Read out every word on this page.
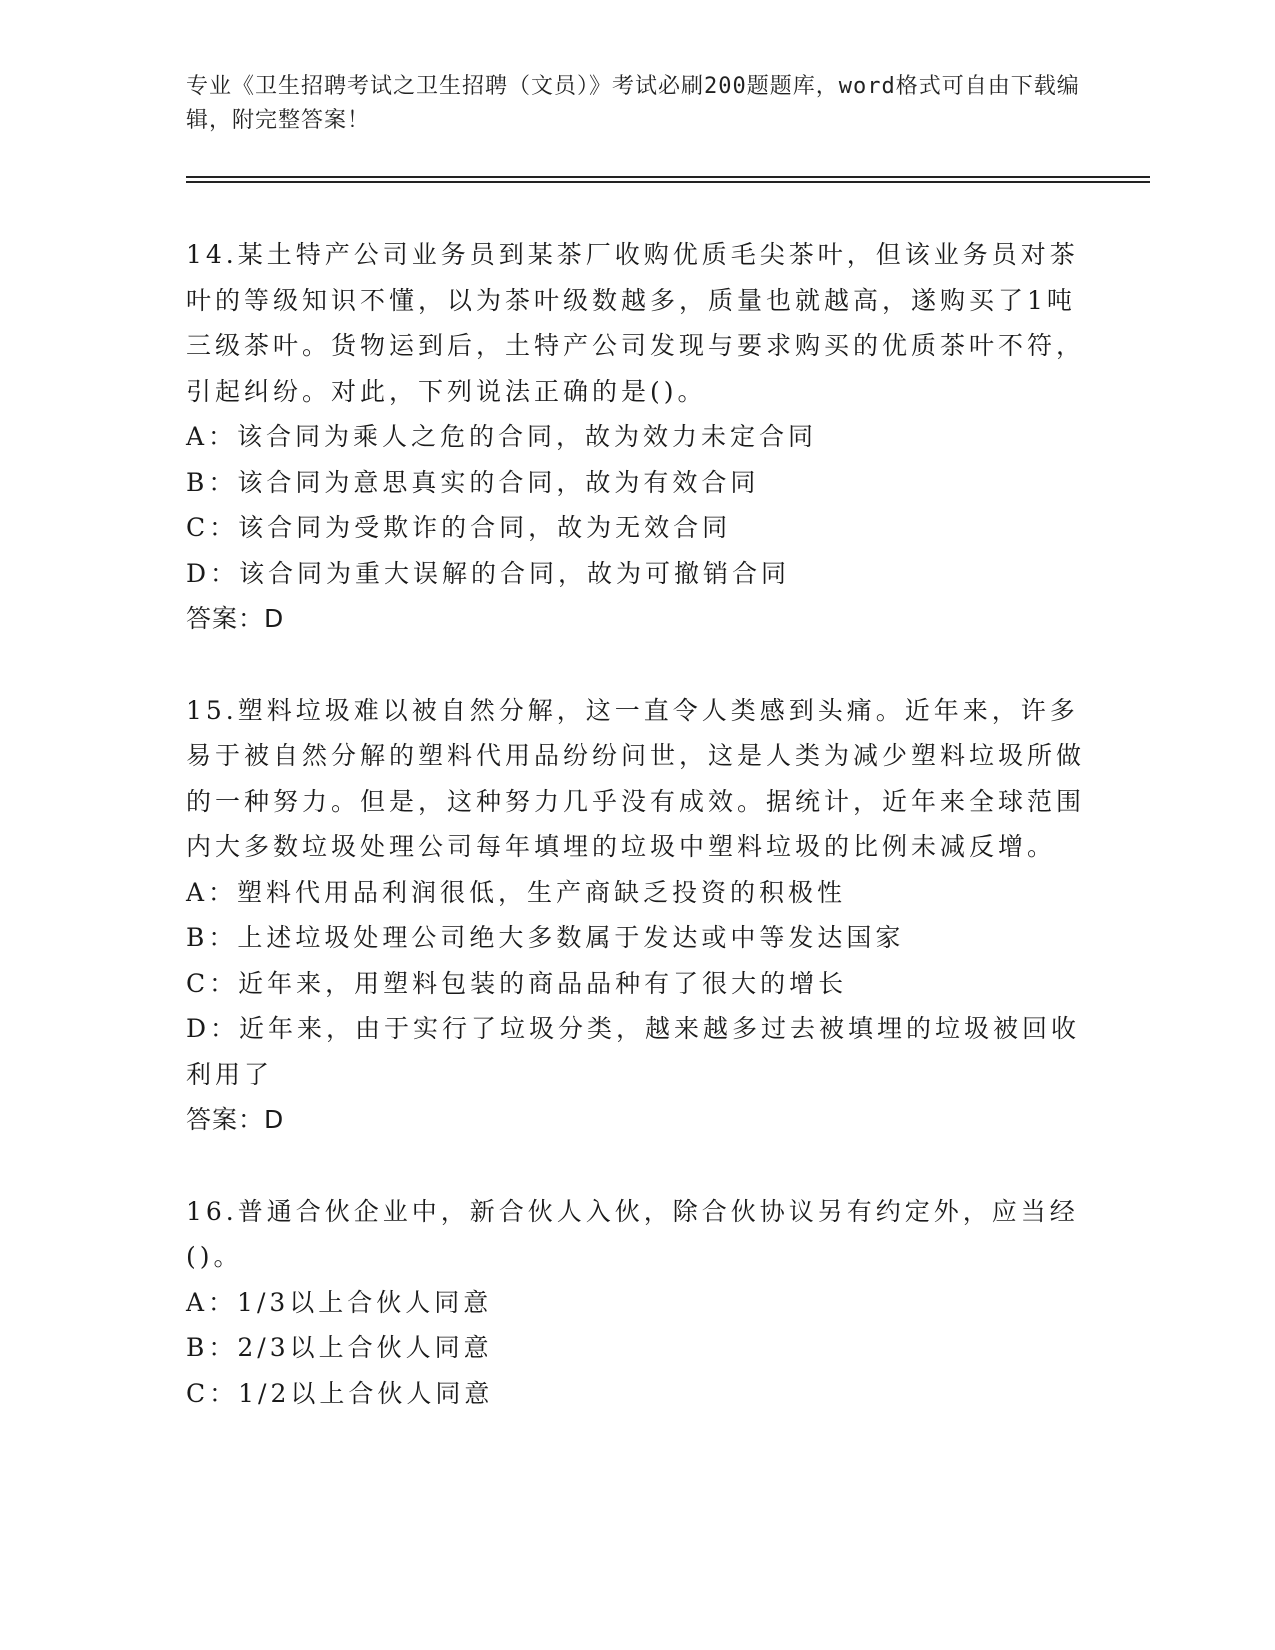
专业《卫生招聘考试之卫生招聘（文员）》考试必刷200题题库，word格式可自由下载编辑，附完整答案！

14.某土特产公司业务员到某茶厂收购优质毛尖茶叶，但该业务员对茶叶的等级知识不懂，以为茶叶级数越多，质量也就越高，遂购买了1吨三级茶叶。货物运到后，土特产公司发现与要求购买的优质茶叶不符，引起纠纷。对此，下列说法正确的是()。

A：该合同为乘人之危的合同，故为效力未定合同

B：该合同为意思真实的合同，故为有效合同

C：该合同为受欺诈的合同，故为无效合同

D：该合同为重大误解的合同，故为可撤销合同

答案：D

15.塑料垃圾难以被自然分解，这一直令人类感到头痛。近年来，许多易于被自然分解的塑料代用品纷纷问世，这是人类为减少塑料垃圾所做的一种努力。但是，这种努力几乎没有成效。据统计，近年来全球范围内大多数垃圾处理公司每年填埋的垃圾中塑料垃圾的比例未减反增。

A：塑料代用品利润很低，生产商缺乏投资的积极性

B：上述垃圾处理公司绝大多数属于发达或中等发达国家

C：近年来，用塑料包装的商品品种有了很大的增长

D：近年来，由于实行了垃圾分类，越来越多过去被填埋的垃圾被回收利用了

答案：D

16.普通合伙企业中，新合伙人入伙，除合伙协议另有约定外，应当经()。

A：1/3以上合伙人同意

B：2/3以上合伙人同意

C：1/2以上合伙人同意
